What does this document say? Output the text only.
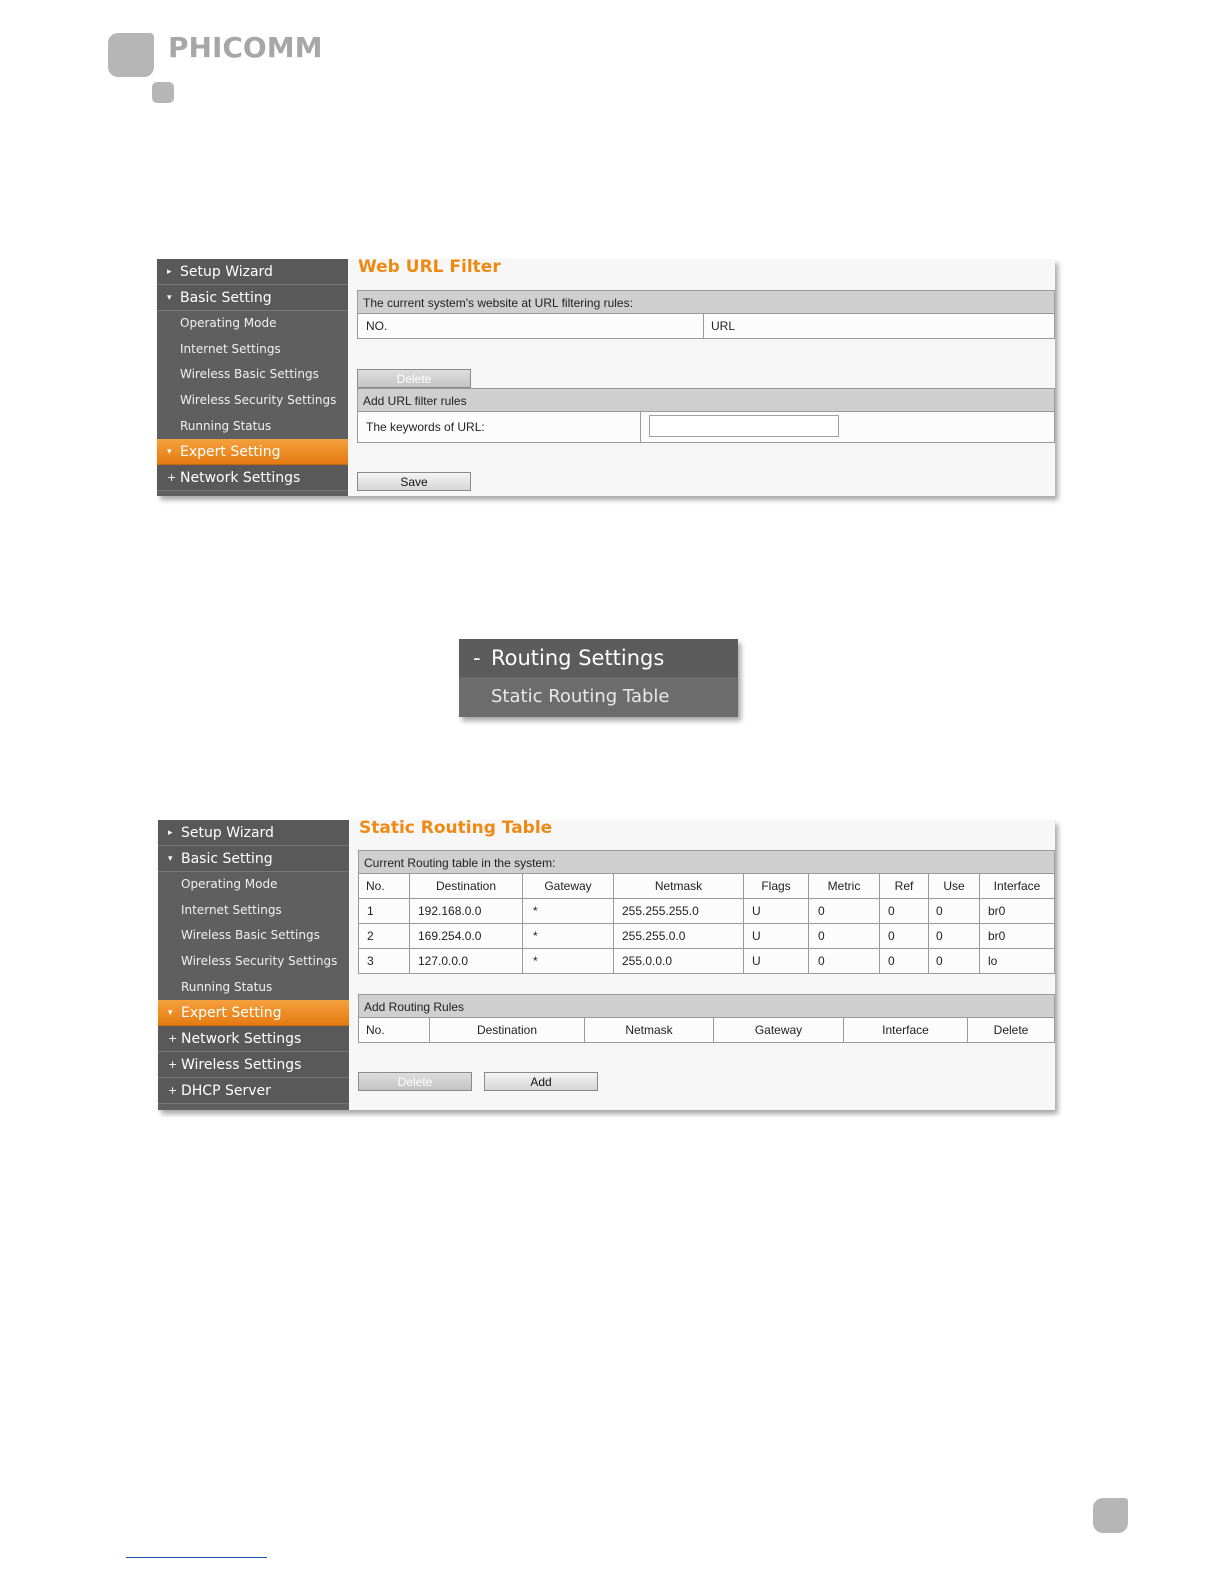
PHICOMM
▸ Setup Wizard
▾ Basic Setting
Operating Mode
Internet Settings
Wireless Basic Settings
Wireless Security Settings
Running Status
▾ Expert Setting
+ Network Settings
Web URL Filter
The current system's website at URL filtering rules:
NO.	URL
Delete
Add URL filter rules
The keywords of URL:
Save
- Routing Settings
Static Routing Table
▸ Setup Wizard
▾ Basic Setting
Operating Mode
Internet Settings
Wireless Basic Settings
Wireless Security Settings
Running Status
▾ Expert Setting
+ Network Settings
+ Wireless Settings
+ DHCP Server
Static Routing Table
Current Routing table in the system:
No.	Destination	Gateway	Netmask	Flags	Metric	Ref	Use	Interface
1	192.168.0.0	*	255.255.255.0	U	0	0	0	br0
2	169.254.0.0	*	255.255.0.0	U	0	0	0	br0
3	127.0.0.0	*	255.0.0.0	U	0	0	0	lo
Add Routing Rules
No.	Destination	Netmask	Gateway	Interface	Delete
Delete	Add
